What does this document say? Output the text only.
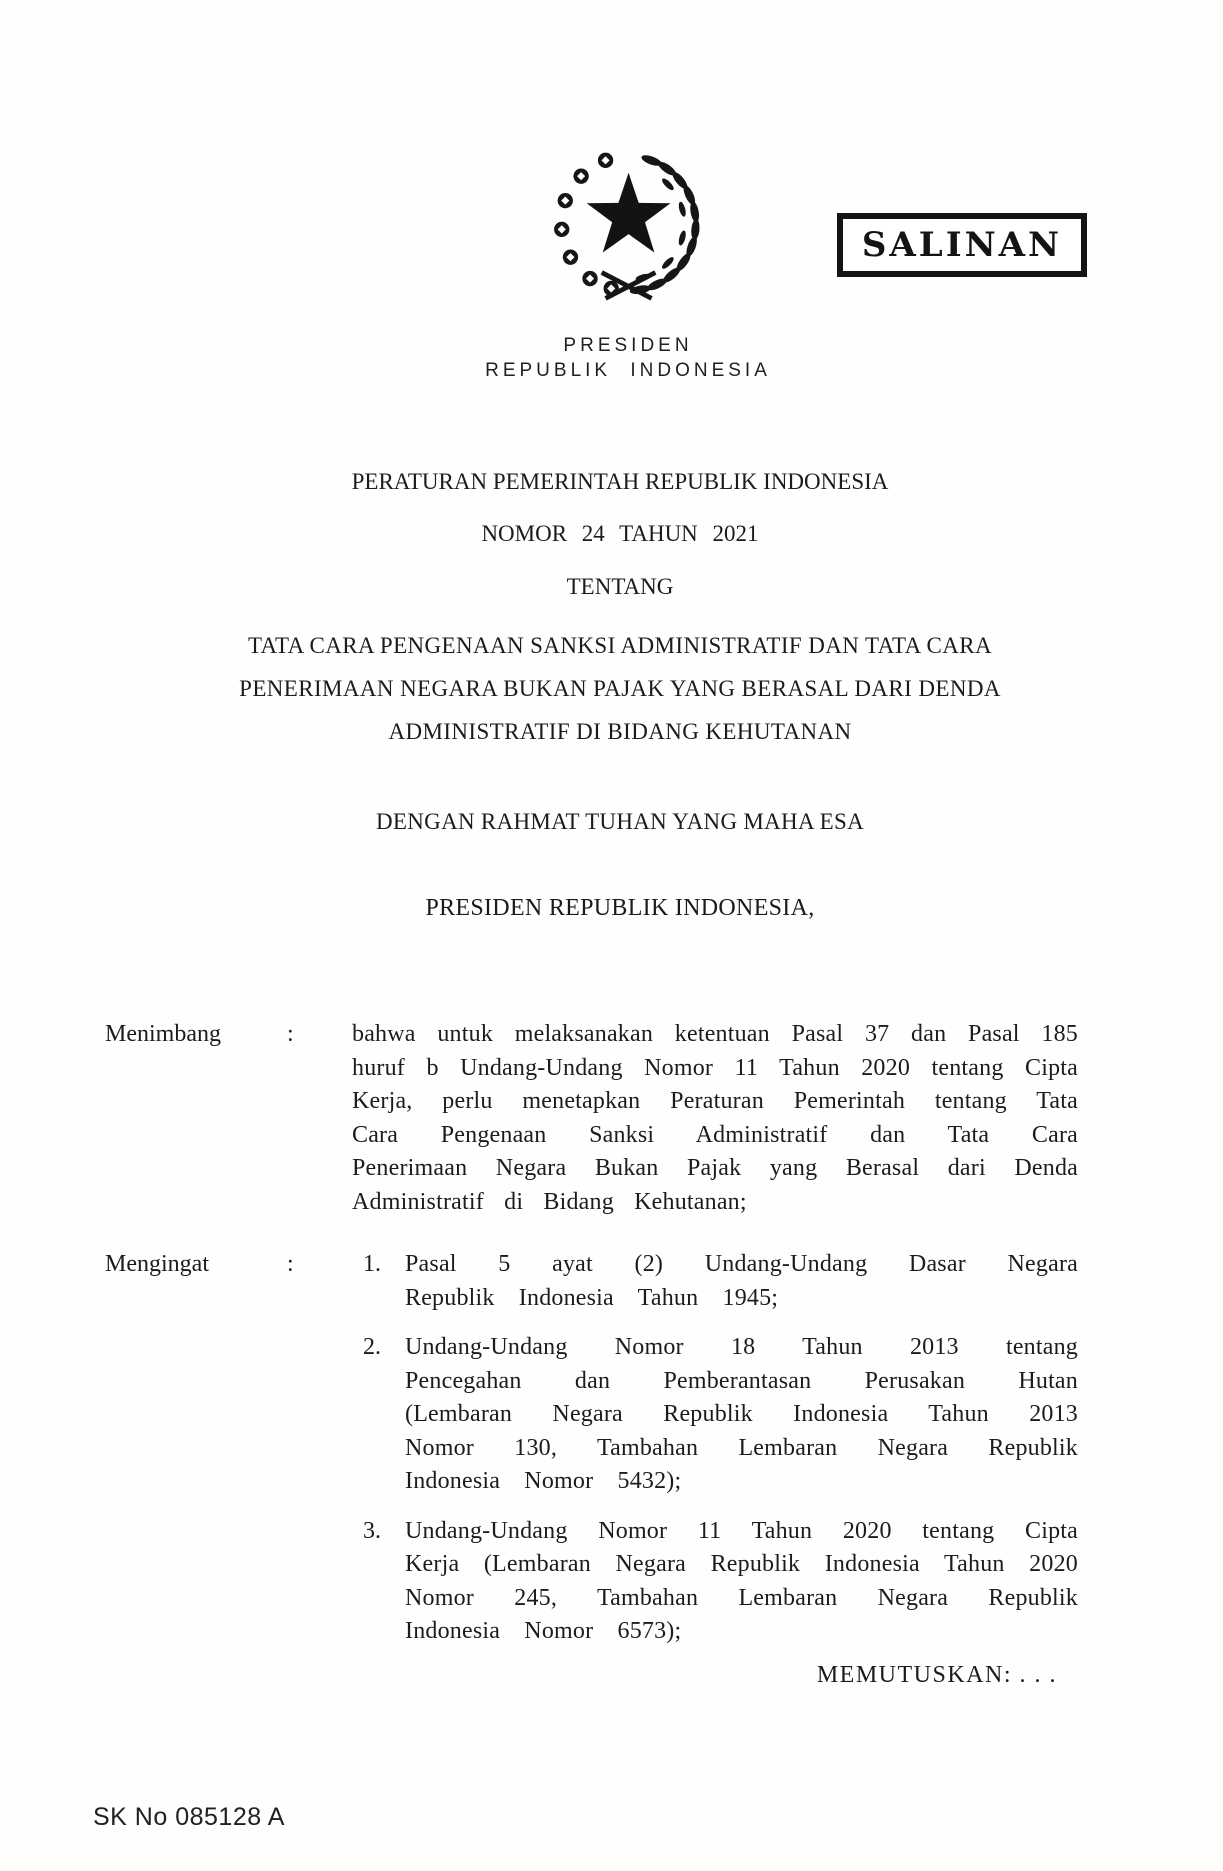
PRESIDEN

REPUBLIK INDONESIA

SALINAN

PERATURAN PEMERINTAH REPUBLIK INDONESIA

NOMOR 24 TAHUN 2021

TENTANG

TATA CARA PENGENAAN SANKSI ADMINISTRATIF DAN TATA CARA

PENERIMAAN NEGARA BUKAN PAJAK YANG BERASAL DARI DENDA

ADMINISTRATIF DI BIDANG KEHUTANAN

DENGAN RAHMAT TUHAN YANG MAHA ESA

PRESIDEN REPUBLIK INDONESIA,

Menimbang	:	bahwa untuk melaksanakan ketentuan Pasal 37 dan Pasal 185 huruf b Undang-Undang Nomor 11 Tahun 2020 tentang Cipta Kerja, perlu menetapkan Peraturan Pemerintah tentang Tata Cara Pengenaan Sanksi Administratif dan Tata Cara Penerimaan Negara Bukan Pajak yang Berasal dari Denda Administratif di Bidang Kehutanan;
Mengingat	:	1.	Pasal 5 ayat (2) Undang-Undang Dasar Negara Republik Indonesia Tahun 1945;
2.	Undang-Undang Nomor 18 Tahun 2013 tentang Pencegahan dan Pemberantasan Perusakan Hutan (Lembaran Negara Republik Indonesia Tahun 2013 Nomor 130, Tambahan Lembaran Negara Republik Indonesia Nomor 5432);
3.	Undang-Undang Nomor 11 Tahun 2020 tentang Cipta Kerja (Lembaran Negara Republik Indonesia Tahun 2020 Nomor 245, Tambahan Lembaran Negara Republik Indonesia Nomor 6573);
MEMUTUSKAN: . . .
SK No 085128 A
